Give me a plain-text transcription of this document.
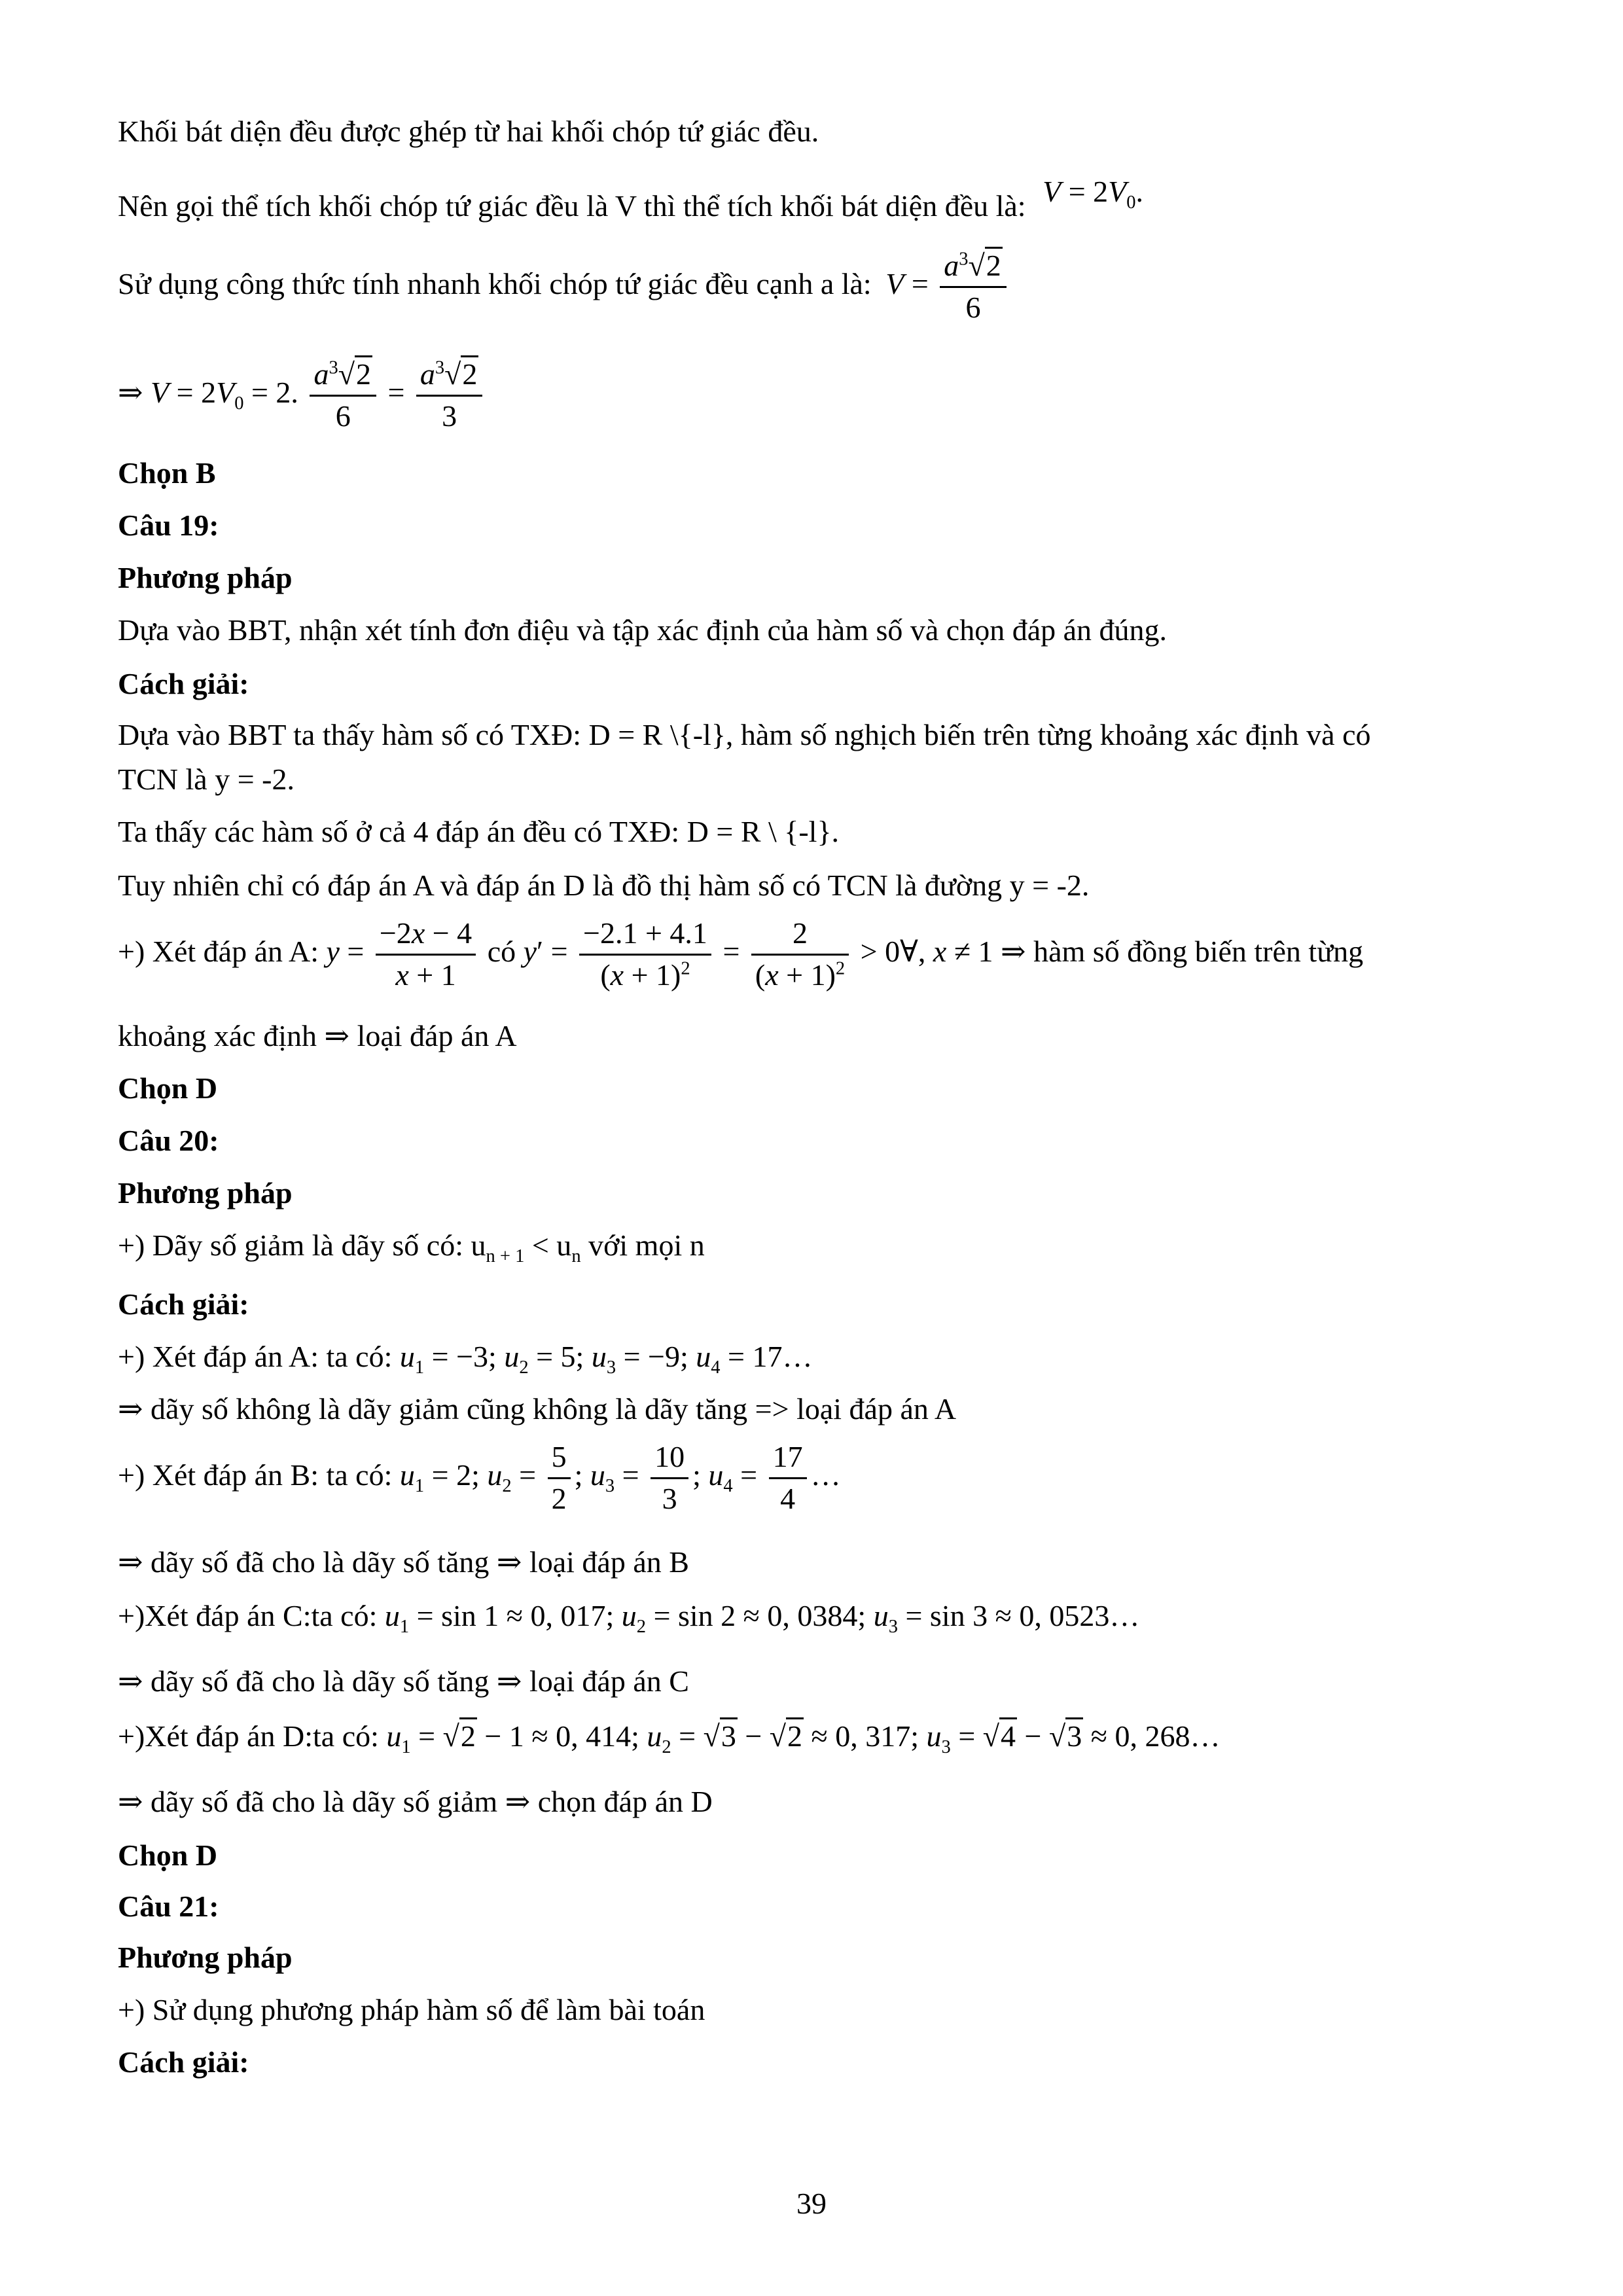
Khối bát diện đều được ghép từ hai khối chóp tứ giác đều.
Nên gọi thể tích khối chóp tứ giác đều là V thì thể tích khối bát diện đều là: $V = 2V_0$.
Sử dụng công thức tính nhanh khối chóp tứ giác đều cạnh a là: $V = \frac{a^3√2}{6}$
⇒ $V = 2V_0 = 2$. $\frac{a^3√2}{6} = \frac{a^3√2}{3}$
Chọn B
Câu 19:
Phương pháp
Dựa vào BBT, nhận xét tính đơn điệu và tập xác định của hàm số và chọn đáp án đúng.
Cách giải:
Dựa vào BBT ta thấy hàm số có TXĐ: D = R \{-l}, hàm số nghịch biến trên từng khoảng xác định và có
TCN là y = -2.
Ta thấy các hàm số ở cả 4 đáp án đều có TXĐ: D = R \ {-l}.
Tuy nhiên chỉ có đáp án A và đáp án D là đồ thị hàm số có TCN là đường y = -2.
+) Xét đáp án A: $y = \frac{-2x - 4}{x + 1}$ có $y' = \frac{-2.1 + 4.1}{(x + 1)^2} = \frac{2}{(x + 1)^2}$ > 0∀, x ≠ 1 ⇒ hàm số đồng biến trên từng
khoảng xác định ⇒ loại đáp án A
Chọn D
Câu 20:
Phương pháp
+) Dãy số giảm là dãy số có: $u_{n + 1} < u_n$ với mọi n
Cách giải:
+) Xét đáp án A: ta có: $u_1 = -3$; $u_2 = 5$; $u_3 = -9$; $u_4$ = 17…
⇒ dãy số không là dãy giảm cũng không là dãy tăng => loại đáp án A
+) Xét đáp án B: ta có: $u_1 = 2$; $u_2 = \frac{5}{2}$ ; $u_3 = \frac{10}{3}$ ; $u_4 = \frac{17}{4}$ …
⇒ dãy số đã cho là dãy số tăng ⇒ loại đáp án B
+)Xét đáp án C:ta có: $u_1 = \sin 1 \approx 0$, 017; $u_2 = \sin 2 \approx 0$, 0384; $u_3 = \sin 3 \approx 0$, 0523…
⇒ dãy số đã cho là dãy số tăng ⇒ loại đáp án C
+)Xét đáp án D:ta có: $u_1 = √2 - 1 \approx 0$, 414; $u_2 = √3 - √2 \approx 0$, 317; $u_3 = √4 - √3 \approx 0$, 268…
⇒ dãy số đã cho là dãy số giảm ⇒ chọn đáp án D
Chọn D
Câu 21:
Phương pháp
+) Sử dụng phương pháp hàm số để làm bài toán
Cách giải:
39
